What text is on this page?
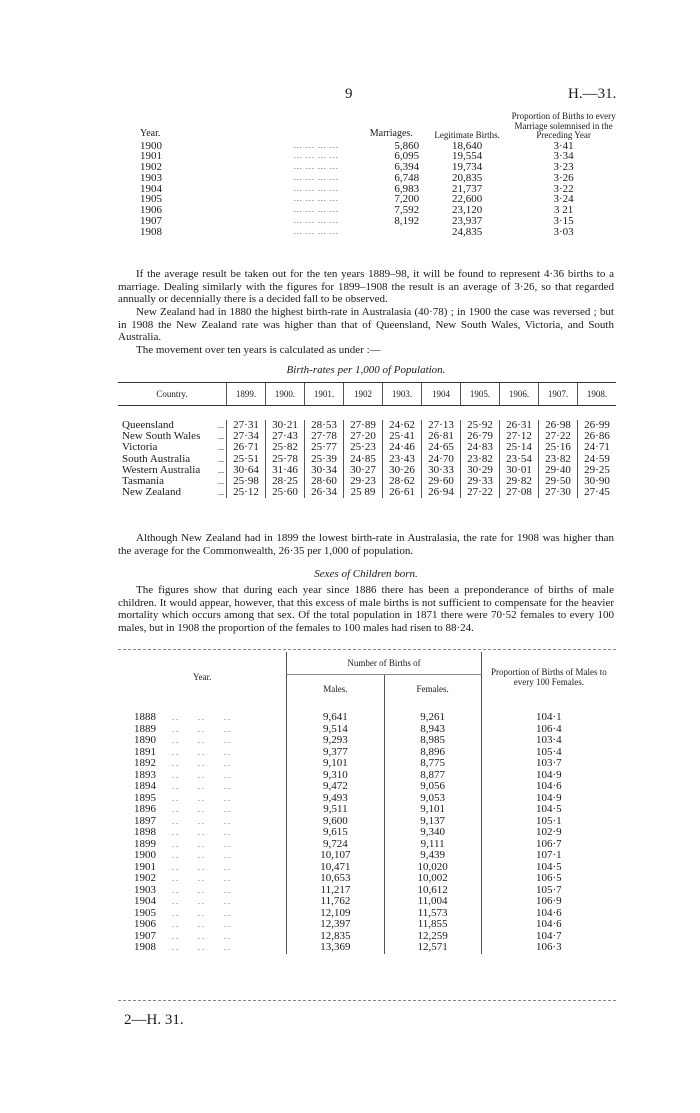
9	H.—31.
Year.		Marriages.	Legitimate Births.	Proportion of Births to every Marriage solemnised in the Preceding Year
1900	... ... ... ...	5,860	18,640	3·41
1901	... ... ... ...	6,095	19,554	3·34
1902	... ... ... ...	6,394	19,734	3·23
1903	... ... ... ...	6,748	20,835	3·26
1904	... ... ... ...	6,983	21,737	3·22
1905	... ... ... ...	7,200	22,600	3·24
1906	... ... ... ...	7,592	23,120	3 21
1907	... ... ... ...	8,192	23,937	3·15
1908	... ... ... ...		24,835	3·03

If the average result be taken out for the ten years 1889–98, it will be found to represent 4·36 births to a marriage. Dealing similarly with the figures for 1899–1908 the result is an average of 3·26, so that regarded annually or decennially there is a decided fall to be observed.

New Zealand had in 1880 the highest birth-rate in Australasia (40·78) ; in 1900 the case was reversed ; but in 1908 the New Zealand rate was higher than that of Queensland, New South Wales, Victoria, and South Australia.

The movement over ten years is calculated as under :—

Birth-rates per 1,000 of Population.
Country.	1899.	1900.	1901.	1902	1903.	1904	1905.	1906.	1907.	1908.

Queensland ...	27·31	30·21	28·53	27·89	24·62	27·13	25·92	26·31	26·98	26·99
New South Wales ...	27·34	27·43	27·78	27·20	25·41	26·81	26·79	27·12	27·22	26·86
Victoria ...	26·71	25·82	25·77	25·23	24·46	24·65	24·83	25·14	25·16	24·71
South Australia ...	25·51	25·78	25·39	24·85	23·43	24·70	23·82	23·54	23·82	24·59
Western Australia ...	30·64	31·46	30·34	30·27	30·26	30·33	30·29	30·01	29·40	29·25
Tasmania ...	25·98	28·25	28·60	29·23	28·62	29·60	29·33	29·82	29·50	30·90
New Zealand ...	25·12	25·60	26·34	25 89	26·61	26·94	27·22	27·08	27·30	27·45

Although New Zealand had in 1899 the lowest birth-rate in Australasia, the rate for 1908 was higher than the average for the Commonwealth, 26·35 per 1,000 of population.

Sexes of Children born.

The figures show that during each year since 1886 there has been a preponderance of births of male children. It would appear, however, that this excess of male births is not sufficient to compensate for the heavier mortality which occurs among that sex. Of the total population in 1871 there were 70·52 females to every 100 males, but in 1908 the proportion of the females to 100 males had risen to 88·24.

Year.	Number of Births of		Proportion of Births of Males to every 100 Females.
	Males.	Females.	

1888 . .          . .          . .	9,641	9,261	104·1
1889 . .          . .          . .	9,514	8,943	106·4
1890 . .          . .          . .	9,293	8,985	103·4
1891 . .          . .          . .	9,377	8,896	105·4
1892 . .          . .          . .	9,101	8,775	103·7
1893 . .          . .          . .	9,310	8,877	104·9
1894 . .          . .          . .	9,472	9,056	104·6
1895 . .          . .          . .	9,493	9,053	104·9
1896 . .          . .          . .	9,511	9,101	104·5
1897 . .          . .          . .	9,600	9,137	105·1
1898 . .          . .          . .	9,615	9,340	102·9
1899 . .          . .          . .	9,724	9,111	106·7
1900 . .          . .          . .	10,107	9,439	107·1
1901 . .          . .          . .	10,471	10,020	104·5
1902 . .          . .          . .	10,653	10,002	106·5
1903 . .          . .          . .	11,217	10,612	105·7
1904 . .          . .          . .	11,762	11,004	106·9
1905 . .          . .          . .	12,109	11,573	104·6
1906 . .          . .          . .	12,397	11,855	104·6
1907 . .          . .          . .	12,835	12,259	104·7
1908 . .          . .          . .	13,369	12,571	106·3
2—H. 31.
